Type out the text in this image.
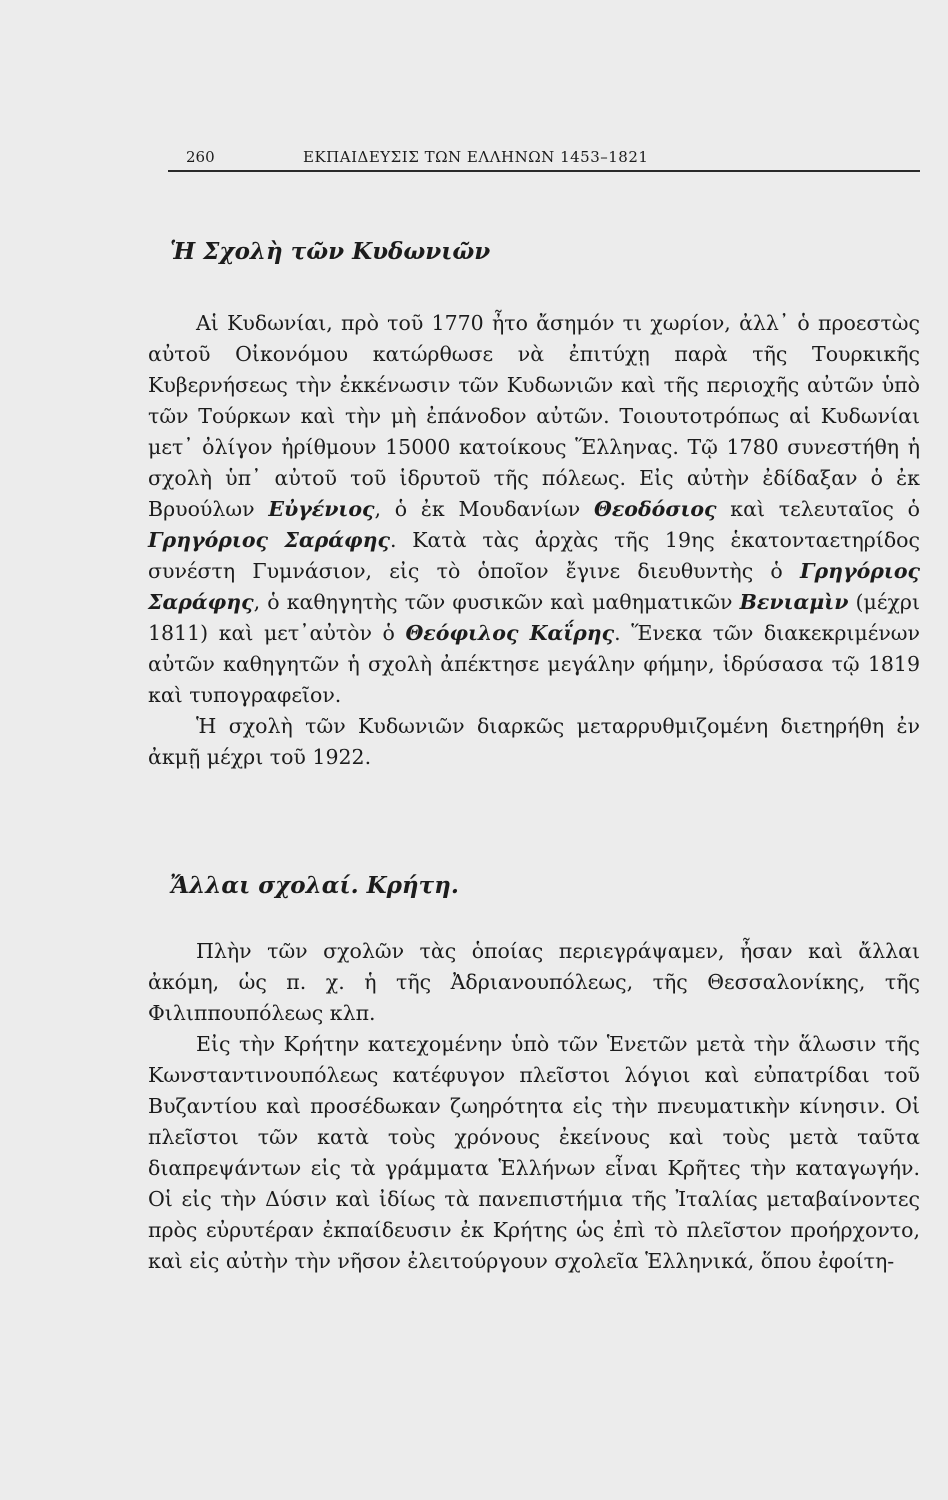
260	ΕΚΠΑΙΔΕΥΣΙΣ ΤΩΝ ΕΛΛΗΝΩΝ 1453–1821
Ἡ Σχολὴ τῶν Κυδωνιῶν

Αἱ Κυδωνίαι, πρὸ τοῦ 1770 ἦτο ἄσημόν τι χωρίον, ἀλλ᾽ ὁ προεστὼς αὐτοῦ Οἰκονόμου κατώρθωσε νὰ ἐπιτύχῃ παρὰ τῆς Τουρκικῆς Κυβερνήσεως τὴν ἐκκένωσιν τῶν Κυδωνιῶν καὶ τῆς περιοχῆς αὐτῶν ὑπὸ τῶν Τούρκων καὶ τὴν μὴ ἐπάνοδον αὐτῶν. Τοιουτοτρόπως αἱ Κυδωνίαι μετ᾽ ὀλίγον ἠρίθμουν 15000 κατοίκους Ἕλληνας. Τῷ 1780 συνεστήθη ἡ σχολὴ ὑπ᾽ αὐτοῦ τοῦ ἱδρυτοῦ τῆς πόλεως. Εἰς αὐτὴν ἐδίδαξαν ὁ ἐκ Βρυούλων Εὐγένιος, ὁ ἐκ Μουδανίων Θεοδόσιος καὶ τελευταῖος ὁ Γρηγόριος Σαράφης. Κατὰ τὰς ἀρχὰς τῆς 19ης ἑκατονταετηρίδος συνέστη Γυμνάσιον, εἰς τὸ ὁποῖον ἔγινε διευθυντὴς ὁ Γρηγόριος Σαράφης, ὁ καθηγητὴς τῶν φυσικῶν καὶ μαθηματικῶν Βενιαμὶν (μέχρι 1811) καὶ μετ᾽αὐτὸν ὁ Θεόφιλος Καΐρης. Ἕνεκα τῶν διακεκριμένων αὐτῶν καθηγητῶν ἡ σχολὴ ἀπέκτησε μεγάλην φήμην, ἱδρύσασα τῷ 1819 καὶ τυπογραφεῖον.

Ἡ σχολὴ τῶν Κυδωνιῶν διαρκῶς μεταρρυθμιζομένη διετηρήθη ἐν ἀκμῇ μέχρι τοῦ 1922.

Ἄλλαι σχολαί. Κρήτη.

Πλὴν τῶν σχολῶν τὰς ὁποίας περιεγράψαμεν, ἦσαν καὶ ἄλλαι ἀκόμη, ὡς π. χ. ἡ τῆς Ἀδριανουπόλεως, τῆς Θεσσαλονίκης, τῆς Φιλιππουπόλεως κλπ.

Εἰς τὴν Κρήτην κατεχομένην ὑπὸ τῶν Ἑνετῶν μετὰ τὴν ἅλωσιν τῆς Κωνσταντινουπόλεως κατέφυγον πλεῖστοι λόγιοι καὶ εὐπατρίδαι τοῦ Βυζαντίου καὶ προσέδωκαν ζωηρότητα εἰς τὴν πνευματικὴν κίνησιν. Οἱ πλεῖστοι τῶν κατὰ τοὺς χρόνους ἐκείνους καὶ τοὺς μετὰ ταῦτα διαπρεψάντων εἰς τὰ γράμματα Ἑλλήνων εἶναι Κρῆτες τὴν καταγωγήν. Οἱ εἰς τὴν Δύσιν καὶ ἰδίως τὰ πανεπιστήμια τῆς Ἰταλίας μεταβαίνοντες πρὸς εὐρυτέραν ἐκπαίδευσιν ἐκ Κρήτης ὡς ἐπὶ τὸ πλεῖστον προήρχοντο, καὶ εἰς αὐτὴν τὴν νῆσον ἐλειτούργουν σχολεῖα Ἑλληνικά, ὅπου ἐφοίτη-
